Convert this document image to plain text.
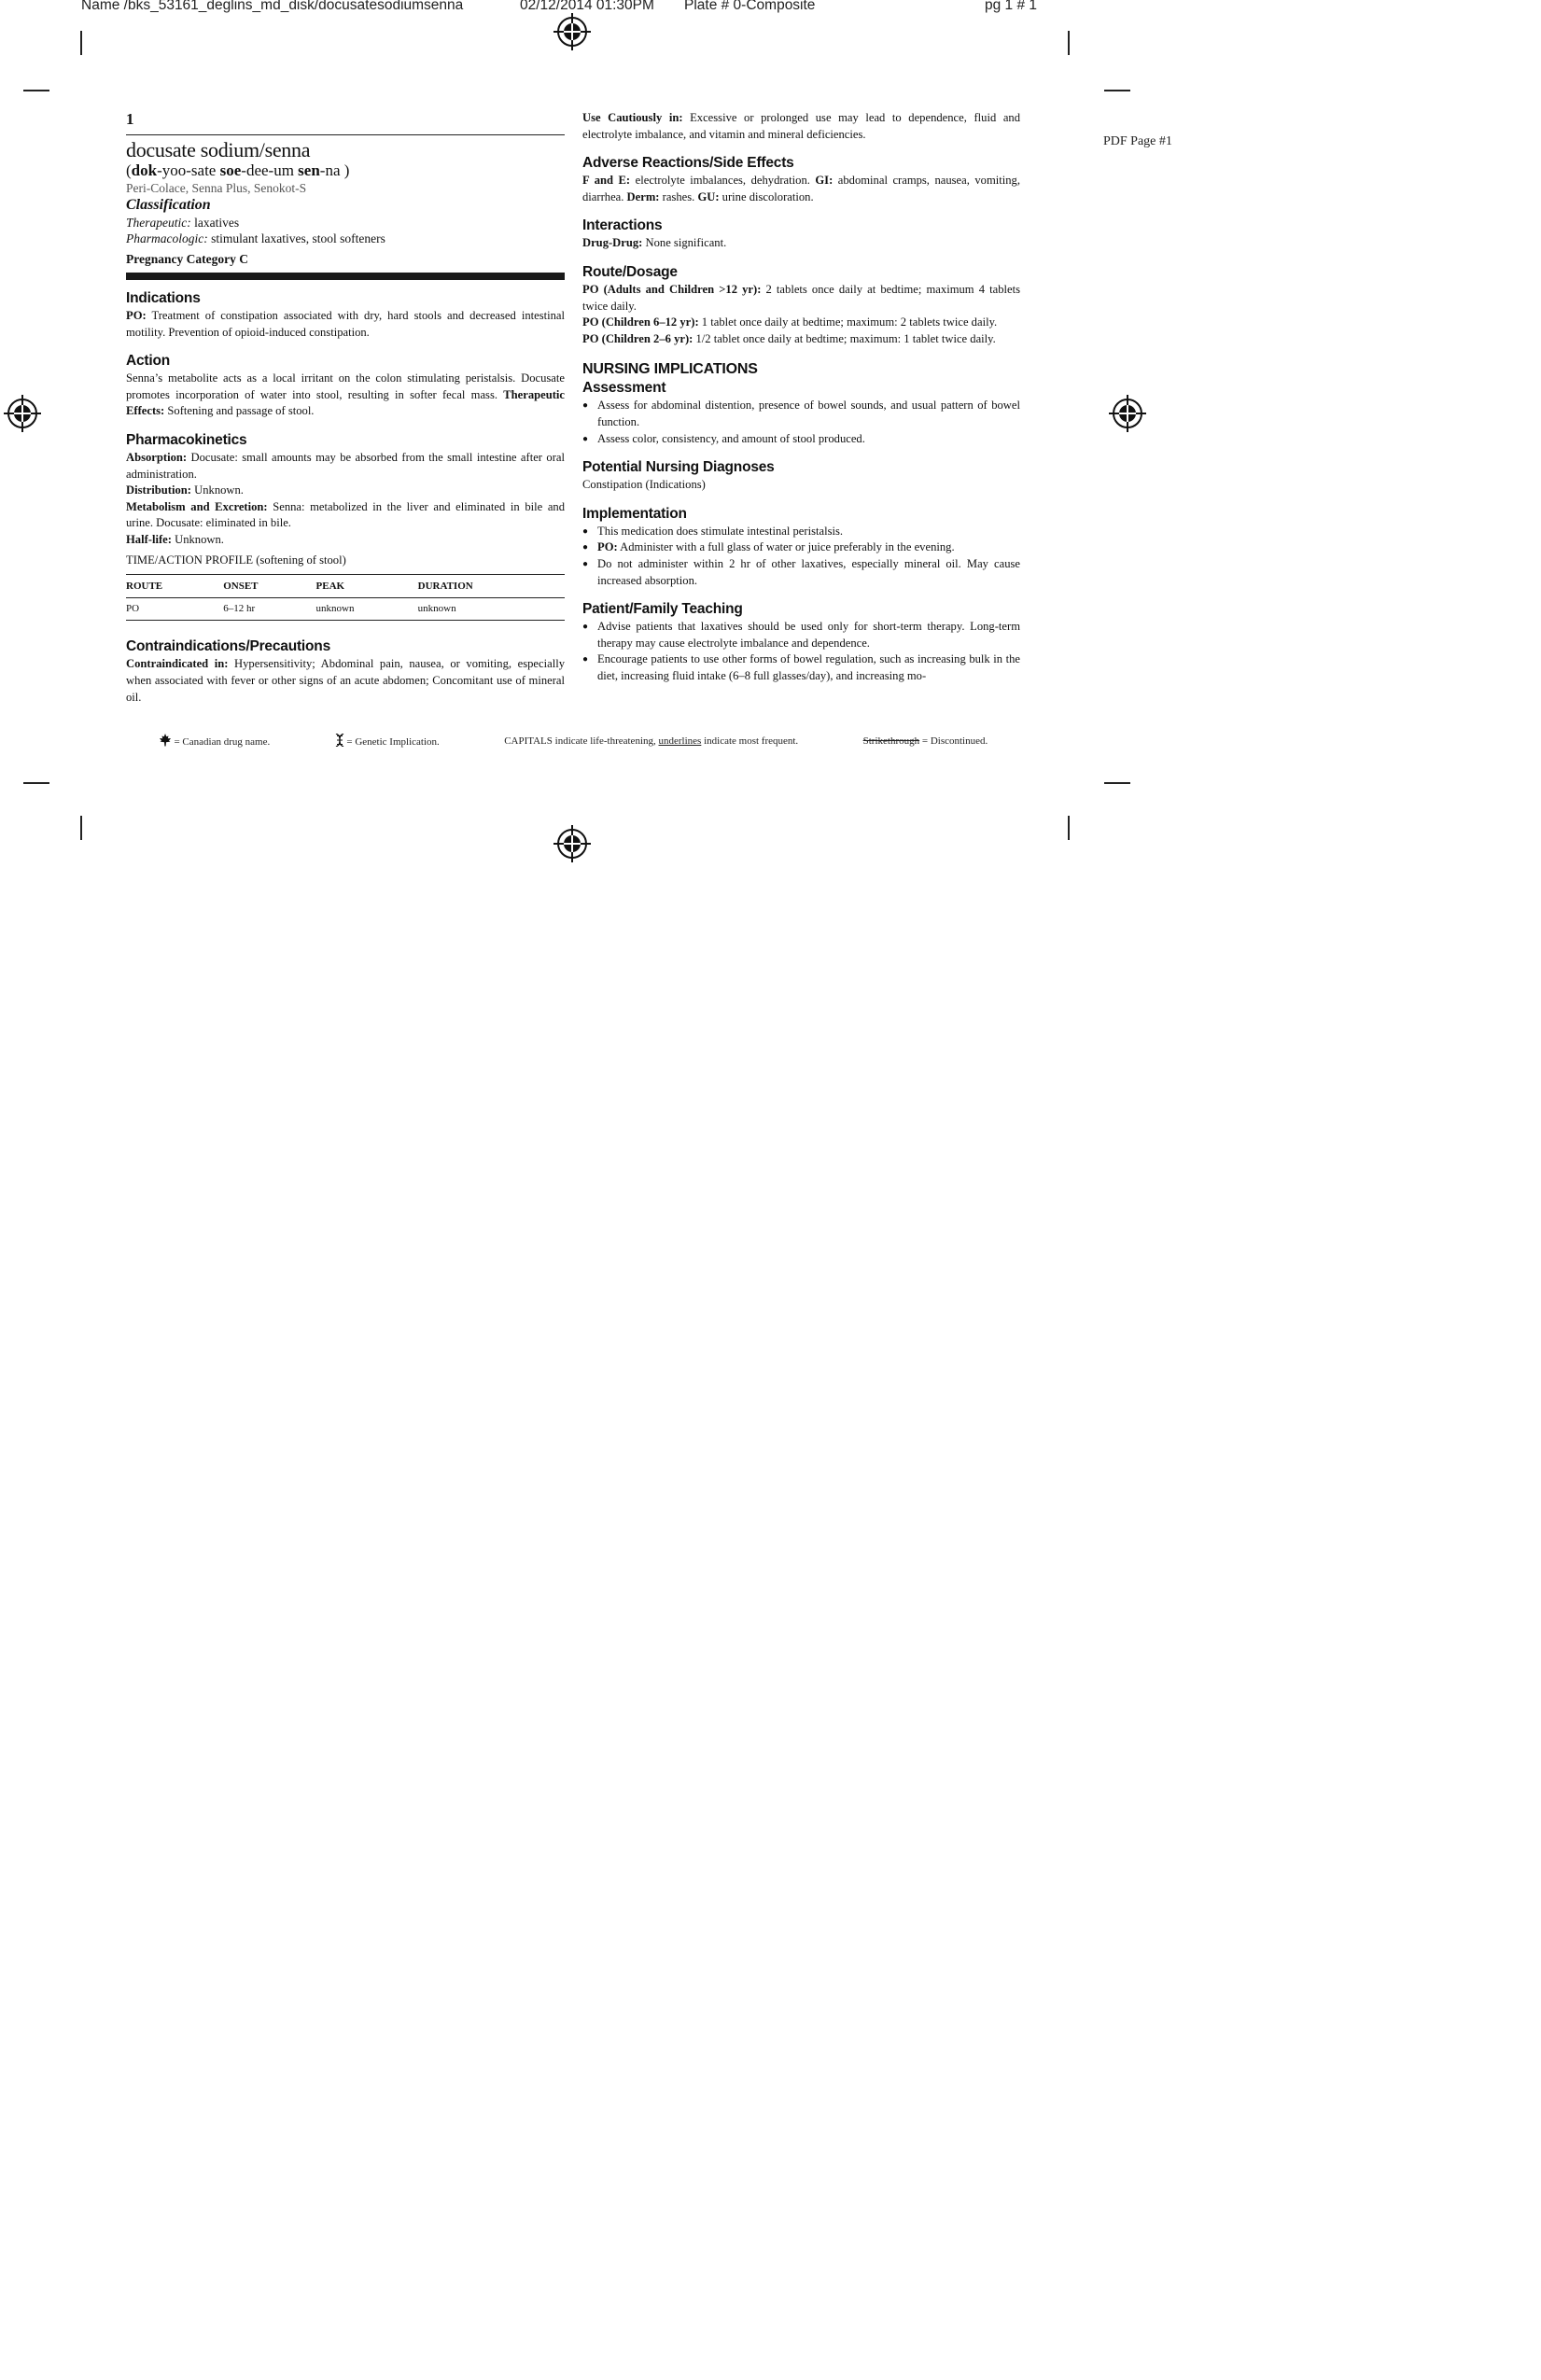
Name /bks_53161_deglins_md_disk/docusatesodiumsenna	02/12/2014 01:30PM Plate # 0-Composite	pg 1 # 1
PDF Page #1
1
docusate sodium/senna
(dok-yoo-sate soe-dee-um sen-na )
Peri-Colace, Senna Plus, Senokot-S
Classification
Therapeutic: laxatives
Pharmacologic: stimulant laxatives, stool softeners
Pregnancy Category C
Indications

PO: Treatment of constipation associated with dry, hard stools and decreased intestinal motility. Prevention of opioid-induced constipation.

Action

Senna’s metabolite acts as a local irritant on the colon stimulating peristalsis. Docusate promotes incorporation of water into stool, resulting in softer fecal mass. Therapeutic Effects: Softening and passage of stool.

Pharmacokinetics

Absorption: Docusate: small amounts may be absorbed from the small intestine after oral administration.

Distribution: Unknown.

Metabolism and Excretion: Senna: metabolized in the liver and eliminated in bile and urine. Docusate: eliminated in bile.

Half-life: Unknown.

TIME/ACTION PROFILE (softening of stool)
ROUTE	ONSET	PEAK	DURATION
PO	6–12 hr	unknown	unknown
Contraindications/Precautions

Contraindicated in: Hypersensitivity; Abdominal pain, nausea, or vomiting, especially when associated with fever or other signs of an acute abdomen; Concomitant use of mineral oil.

Use Cautiously in: Excessive or prolonged use may lead to dependence, fluid and electrolyte imbalance, and vitamin and mineral deficiencies.

Adverse Reactions/Side Effects

F and E: electrolyte imbalances, dehydration. GI: abdominal cramps, nausea, vomiting, diarrhea. Derm: rashes. GU: urine discoloration.

Interactions

Drug-Drug: None significant.

Route/Dosage

PO (Adults and Children >12 yr): 2 tablets once daily at bedtime; maximum 4 tablets twice daily.

PO (Children 6–12 yr): 1 tablet once daily at bedtime; maximum: 2 tablets twice daily.

PO (Children 2–6 yr): 1/2 tablet once daily at bedtime; maximum: 1 tablet twice daily.

NURSING IMPLICATIONS
Assessment
● Assess for abdominal distention, presence of bowel sounds, and usual pattern of bowel function.
● Assess color, consistency, and amount of stool produced.
Potential Nursing Diagnoses

Constipation (Indications)

Implementation
● This medication does stimulate intestinal peristalsis.
● PO: Administer with a full glass of water or juice preferably in the evening.
● Do not administer within 2 hr of other laxatives, especially mineral oil. May cause increased absorption.
Patient/Family Teaching
● Advise patients that laxatives should be used only for short-term therapy. Long-term therapy may cause electrolyte imbalance and dependence.
● Encourage patients to use other forms of bowel regulation, such as increasing bulk in the diet, increasing fluid intake (6–8 full glasses/day), and increasing mo-
= Canadian drug name.	= Genetic Implication.	CAPITALS indicate life-threatening, underlines indicate most frequent.	Strikethrough = Discontinued.
